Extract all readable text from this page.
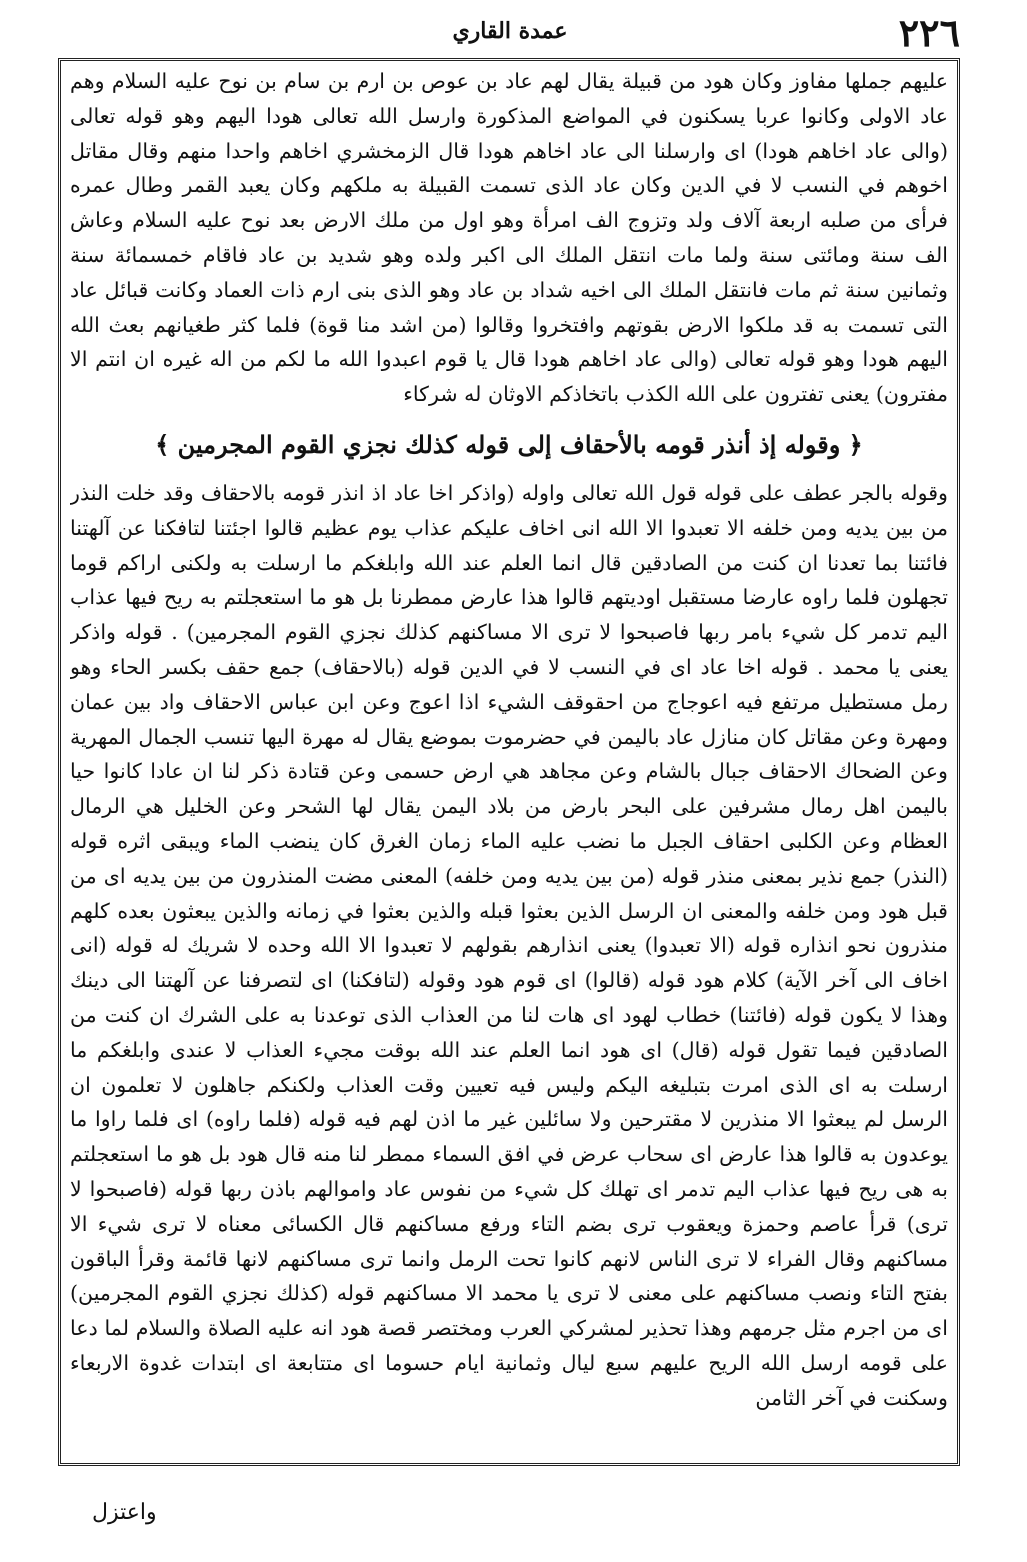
٢٢٦
عمدة القاري

عليهم جملها مفاوز وكان هود من قبيلة يقال لهم عاد بن عوص بن ارم بن سام بن نوح عليه السلام وهم عاد الاولى وكانوا عربا يسكنون في المواضع المذكورة وارسل الله تعالى هودا اليهم وهو قوله تعالى (والى عاد اخاهم هودا) اى وارسلنا الى عاد اخاهم هودا قال الزمخشري اخاهم واحدا منهم وقال مقاتل اخوهم في النسب لا في الدين وكان عاد الذى تسمت القبيلة به ملكهم وكان يعبد القمر وطال عمره فرأى من صلبه اربعة آلاف ولد وتزوج الف امرأة وهو اول من ملك الارض بعد نوح عليه السلام وعاش الف سنة ومائتى سنة ولما مات انتقل الملك الى اكبر ولده وهو شديد بن عاد فاقام خمسمائة سنة وثمانين سنة ثم مات فانتقل الملك الى اخيه شداد بن عاد وهو الذى بنى ارم ذات العماد وكانت قبائل عاد التى تسمت به قد ملكوا الارض بقوتهم وافتخروا وقالوا (من اشد منا قوة) فلما كثر طغيانهم بعث الله اليهم هودا وهو قوله تعالى (والى عاد اخاهم هودا قال يا قوم اعبدوا الله ما لكم من اله غيره ان انتم الا مفترون) يعنى تفترون على الله الكذب باتخاذكم الاوثان له شركاء

﴿ وقوله إذ أنذر قومه بالأحقاف إلى قوله كذلك نجزي القوم المجرمين ﴾

وقوله بالجر عطف على قوله قول الله تعالى واوله (واذكر اخا عاد اذ انذر قومه بالاحقاف وقد خلت النذر من بين يديه ومن خلفه الا تعبدوا الا الله انى اخاف عليكم عذاب يوم عظيم قالوا اجئتنا لتافكنا عن آلهتنا فائتنا بما تعدنا ان كنت من الصادقين قال انما العلم عند الله وابلغكم ما ارسلت به ولكنى اراكم قوما تجهلون فلما راوه عارضا مستقبل اوديتهم قالوا هذا عارض ممطرنا بل هو ما استعجلتم به ريح فيها عذاب اليم تدمر كل شيء بامر ربها فاصبحوا لا ترى الا مساكنهم كذلك نجزي القوم المجرمين) . قوله واذكر يعنى يا محمد . قوله اخا عاد اى في النسب لا في الدين قوله (بالاحقاف) جمع حقف بكسر الحاء وهو رمل مستطيل مرتفع فيه اعوجاج من احقوقف الشيء اذا اعوج وعن ابن عباس الاحقاف واد بين عمان ومهرة وعن مقاتل كان منازل عاد باليمن في حضرموت بموضع يقال له مهرة اليها تنسب الجمال المهرية وعن الضحاك الاحقاف جبال بالشام وعن مجاهد هي ارض حسمى وعن قتادة ذكر لنا ان عادا كانوا حيا باليمن اهل رمال مشرفين على البحر بارض من بلاد اليمن يقال لها الشحر وعن الخليل هي الرمال العظام وعن الكلبى احقاف الجبل ما نضب عليه الماء زمان الغرق كان ينضب الماء ويبقى اثره قوله (النذر) جمع نذير بمعنى منذر قوله (من بين يديه ومن خلفه) المعنى مضت المنذرون من بين يديه اى من قبل هود ومن خلفه والمعنى ان الرسل الذين بعثوا قبله والذين بعثوا في زمانه والذين يبعثون بعده كلهم منذرون نحو انذاره قوله (الا تعبدوا) يعنى انذارهم بقولهم لا تعبدوا الا الله وحده لا شريك له قوله (انى اخاف الى آخر الآية) كلام هود قوله (قالوا) اى قوم هود وقوله (لتافكنا) اى لتصرفنا عن آلهتنا الى دينك وهذا لا يكون قوله (فائتنا) خطاب لهود اى هات لنا من العذاب الذى توعدنا به على الشرك ان كنت من الصادقين فيما تقول قوله (قال) اى هود انما العلم عند الله بوقت مجيء العذاب لا عندى وابلغكم ما ارسلت به اى الذى امرت بتبليغه اليكم وليس فيه تعيين وقت العذاب ولكنكم جاهلون لا تعلمون ان الرسل لم يبعثوا الا منذرين لا مقترحين ولا سائلين غير ما اذن لهم فيه قوله (فلما راوه) اى فلما راوا ما يوعدون به قالوا هذا عارض اى سحاب عرض في افق السماء ممطر لنا منه قال هود بل هو ما استعجلتم به هى ريح فيها عذاب اليم تدمر اى تهلك كل شيء من نفوس عاد واموالهم باذن ربها قوله (فاصبحوا لا ترى) قرأ عاصم وحمزة ويعقوب ترى بضم التاء ورفع مساكنهم قال الكسائى معناه لا ترى شيء الا مساكنهم وقال الفراء لا ترى الناس لانهم كانوا تحت الرمل وانما ترى مساكنهم لانها قائمة وقرأ الباقون بفتح التاء ونصب مساكنهم على معنى لا ترى يا محمد الا مساكنهم قوله (كذلك نجزي القوم المجرمين) اى من اجرم مثل جرمهم وهذا تحذير لمشركي العرب ومختصر قصة هود انه عليه الصلاة والسلام لما دعا على قومه ارسل الله الريح عليهم سبع ليال وثمانية ايام حسوما اى متتابعة اى ابتدات غدوة الاربعاء وسكنت في آخر الثامن

واعتزل
